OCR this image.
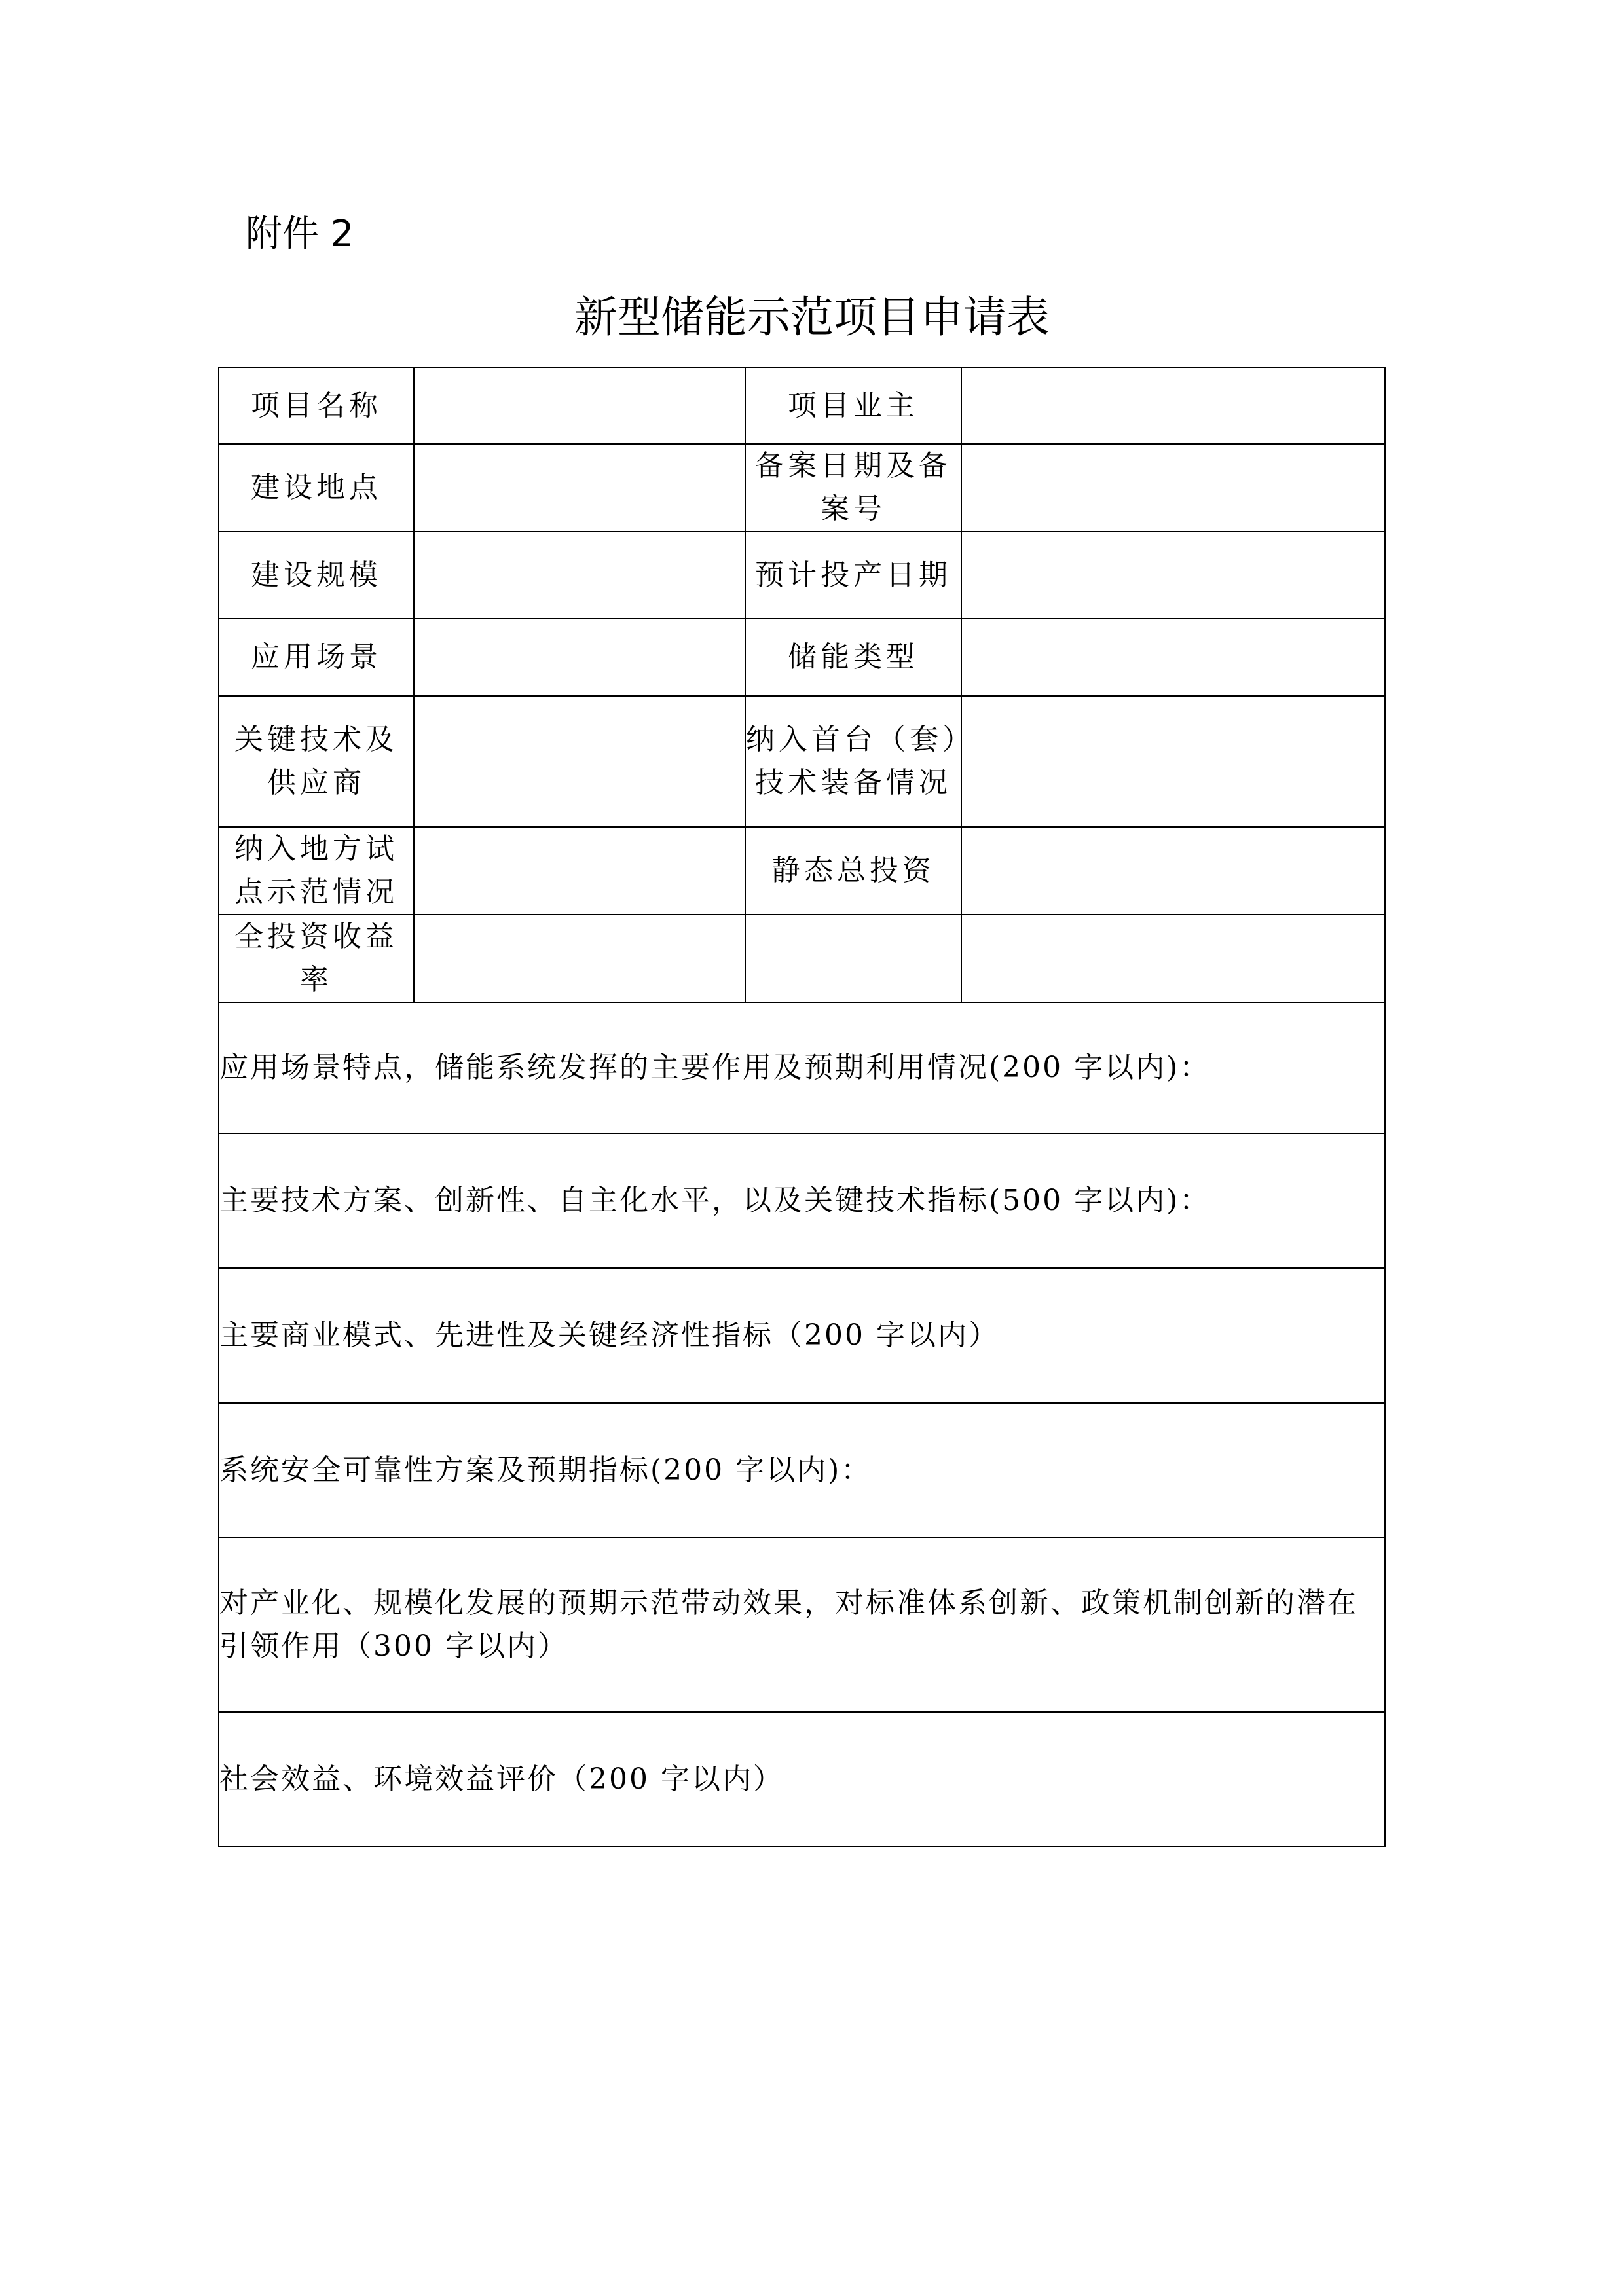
附件 2
新型储能示范项目申请表
项目名称		项目业主	
建设地点		备案日期及备案号	
建设规模		预计投产日期	
应用场景		储能类型	
关键技术及供应商		纳入首台（套）技术装备情况	
纳入地方试点示范情况		静态总投资	
全投资收益率			
应用场景特点，储能系统发挥的主要作用及预期利用情况(200 字以内)：			
主要技术方案、创新性、自主化水平，以及关键技术指标(500 字以内)：			
主要商业模式、先进性及关键经济性指标（200 字以内）			
系统安全可靠性方案及预期指标(200 字以内)：			
对产业化、规模化发展的预期示范带动效果，对标准体系创新、政策机制创新的潜在引领作用（300 字以内）			
社会效益、环境效益评价（200 字以内）			
